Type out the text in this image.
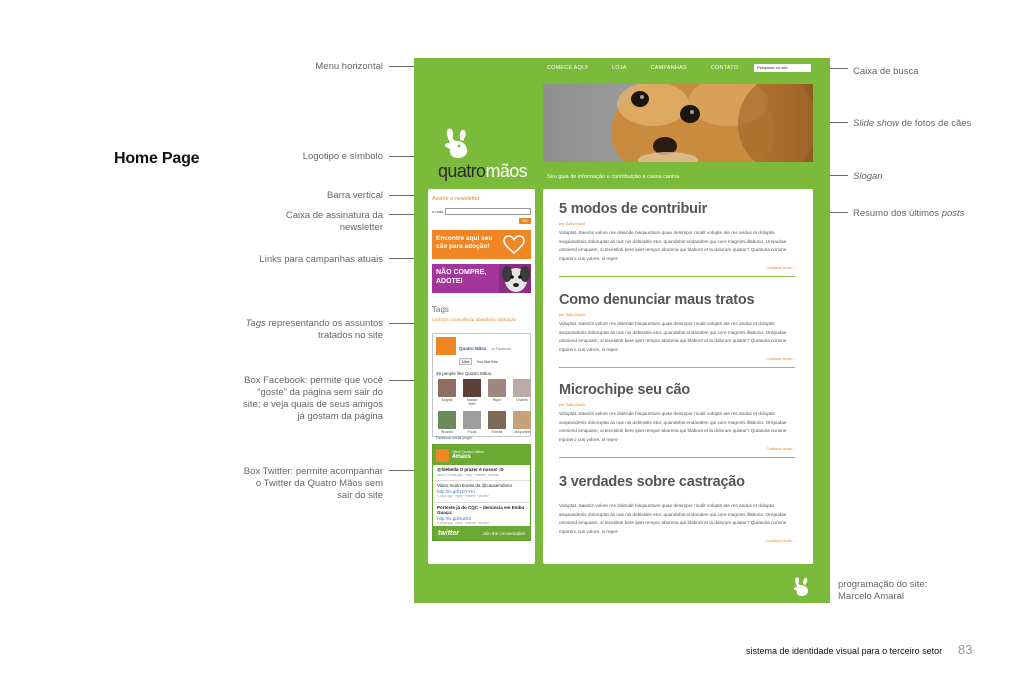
Home Page
Menu horizontal
Logotipo e símbolo
Barra vertical
Caixa de assinatura da newsletter
Links para campanhas atuais
Tags representando os assuntos tratados no site
Box Facebook: permite que você “goste” da página sem sair do site; e veja quais de seus amigos já gostam da página
Box Twitter: permite acompanhar o Twitter da Quatro Mãos sem sair do site
Caixa de busca
Slide show de fotos de cães
Slogan
Resumo dos últimos posts
programação do site: Marcelo Amaral
COMECE AQUI	LOJA	CAMPANHAS	CONTATO	Pesquisar no site
quatromãos	Seu guia de informação e contribuição à causa canina
Assine a newsletter
e-mail
OK
Encontre aqui seu cão para adoção!
NÃO COMPRE,
ADOTE!
Tags
cachorro consciência abandono castração
Quatro Mãos on Facebook
Like	You like this.
48 people like Quatro Mãos.
Ângela	Marcia Mari
Rigor	Charles
Ricardo	Paula	Emella	Jacqueline
Facebook social plugin
Ofícil Quatro Mãos
4maos
@fdebella O prazer é nosso! :D
about 2 hours ago · reply · retweet · favorite
Video muito bonito da @causemdono
http://is.gd/1DYYKl
1 days ago · reply · retweet · favorite
Porteste já do CQC – denúncia em Embu Guaçu:
http://is.gd/4u6ll3
3 days ago · reply · retweet · favorite
twitter	Join the conversation
5 modos de contribuir
por Sofia Brazil
Voluptat. Saectis volore res dolende bisquuntium quae denimpor modit volupte ate res andus et doluptis sequiandenis doloruptat as nus nis debissitis etur, quundebis endandem qui core magnimi illaborio. Urepudae omniend emquiam, si tecestinti bere ipiet rempor aboreria qui blabont et la dolorum quiatur? Quiaturia corione mporero cus volore, si reper-
Continue lendo...
Como denunciar maus tratos
por Sofia Brazil
Voluptat. Saectis volore res dolende bisquuntium quae denimpor modit volupte ate res andus et doluptis sequiandenis doloruptat as nus nis debissitis etur, quundebis endandem qui core magnimi illaborio. Orepudae omniend emquiam, si tecestinti bere ipiet rempor aboreria qui blabont et la dolorum quiatur? Quiaturia corione mporero cus volore, si reper-
Continue lendo...
Microchipe seu cão
por Sofia Brazil
Voluptat. Saectis volore res dolende bisquuntium quae denimpor modit volupte ate res andus et doluptis sequiandenis doloruptat as nus nis debissitis etur, quundebis endandem qui core magnimi illaborio. Orepudae omniend emquiam, si tecestinti bere ipiet rempor aboreria qui blabont et la dolorum quiatur? Quiaturia corione mporero cus volore, si reper-
Continue lendo...
3 verdades sobre castração
Voluptat. Saectis volore res dolende bisquuntium quae denimpor modit volupte ate res andus et doluptis sequiandenis doloruptat as nus nis debissitis etur, quundebis endandem qui core magnimi illaborio. Orepudae omniend emquiam, si tecestinti bere ipiet rempor aboreria qui blabont et la dolorum quiatur? Quiaturia corione mporero cus volore, si reper-
Continue lendo...
sistema de identidade visual para o terceiro setor 83
